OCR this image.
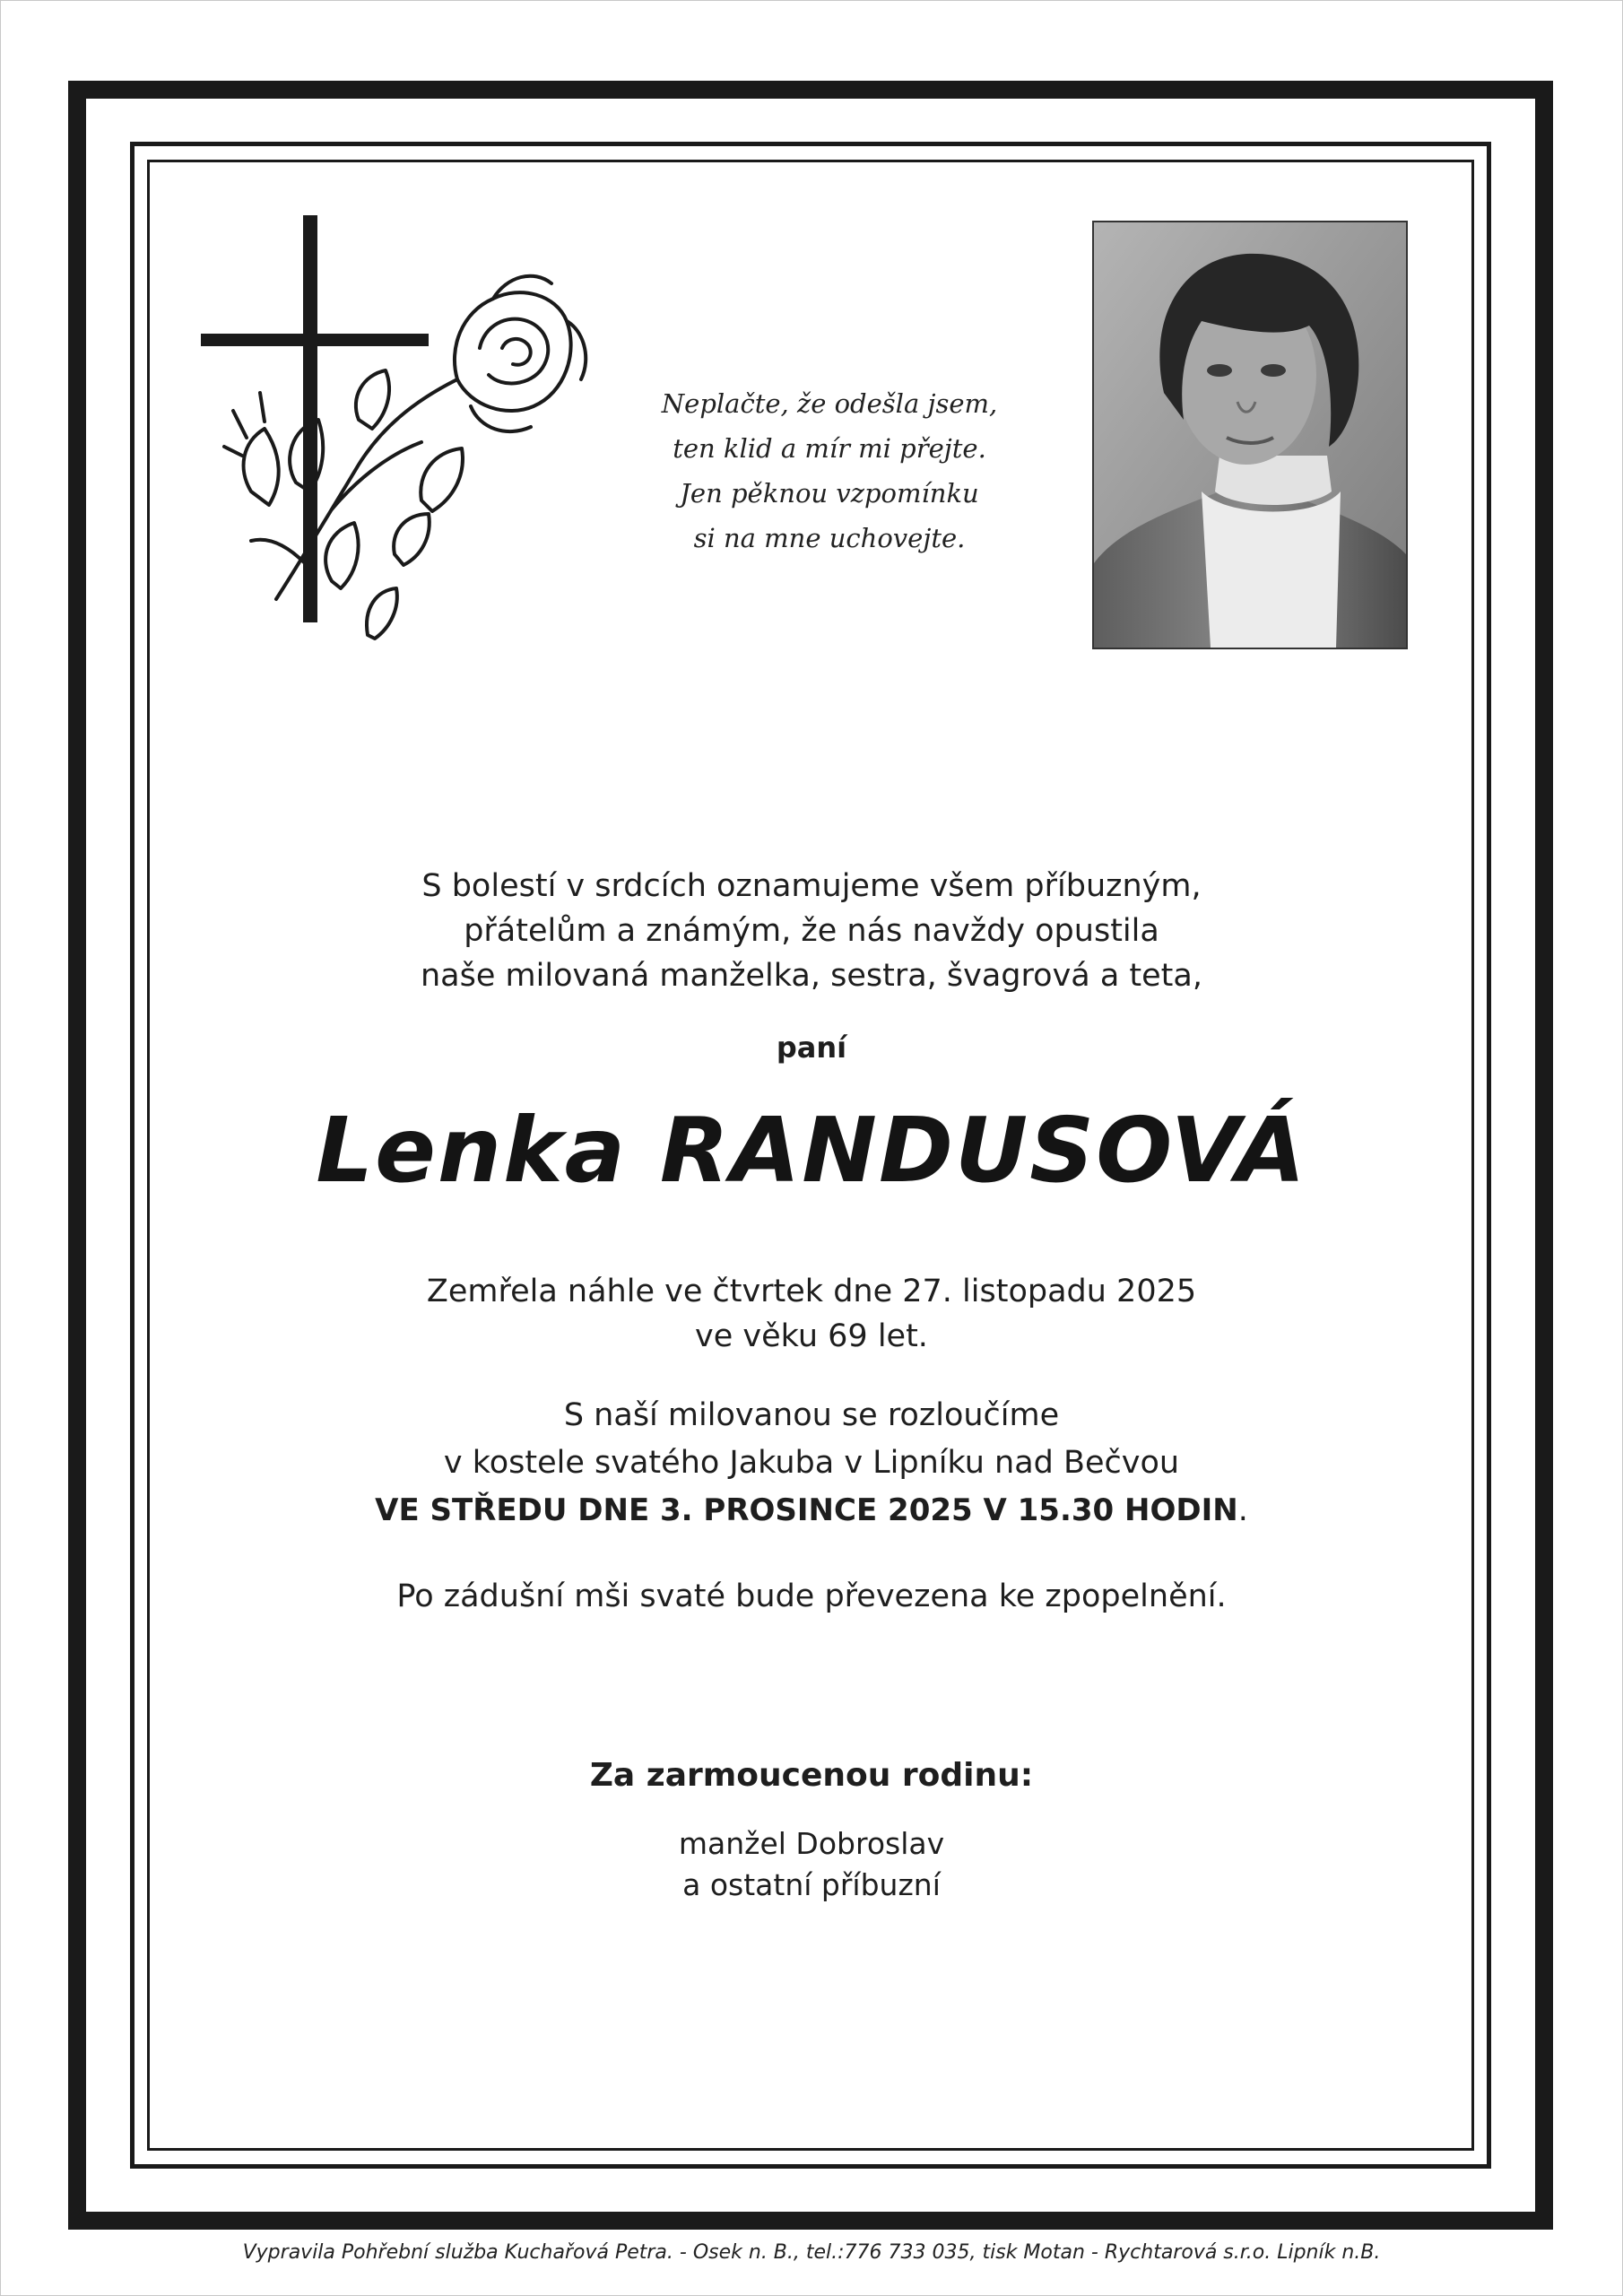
Neplačte, že odešla jsem,
ten klid a mír mi přejte.
Jen pěknou vzpomínku
si na mne uchovejte.
S bolestí v srdcích oznamujeme všem příbuzným,
přátelům a známým, že nás navždy opustila
naše milovaná manželka, sestra, švagrová a teta,
paní
Lenka RANDUSOVÁ
Zemřela náhle ve čtvrtek dne 27. listopadu 2025
ve věku 69 let.
S naší milovanou se rozloučíme
v kostele svatého Jakuba v Lipníku nad Bečvou
VE STŘEDU DNE 3. PROSINCE 2025 V 15.30 HODIN.
Po zádušní mši svaté bude převezena ke zpopelnění.
Za zarmoucenou rodinu:
manžel Dobroslav
a ostatní příbuzní
Vypravila Pohřební služba Kuchařová Petra. - Osek n. B., tel.:776 733 035, tisk Motan - Rychtarová s.r.o. Lipník n.B.
